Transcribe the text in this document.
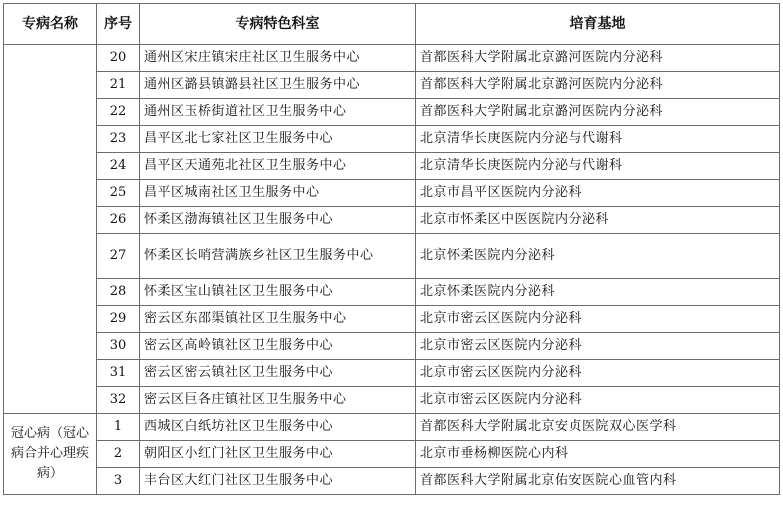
专病名称	序号	专病特色科室	培育基地
	20	通州区宋庄镇宋庄社区卫生服务中心	首都医科大学附属北京潞河医院内分泌科
	21	通州区潞县镇潞县社区卫生服务中心	首都医科大学附属北京潞河医院内分泌科
	22	通州区玉桥街道社区卫生服务中心	首都医科大学附属北京潞河医院内分泌科
	23	昌平区北七家社区卫生服务中心	北京清华长庚医院内分泌与代谢科
	24	昌平区天通苑北社区卫生服务中心	北京清华长庚医院内分泌与代谢科
	25	昌平区城南社区卫生服务中心	北京市昌平区医院内分泌科
	26	怀柔区渤海镇社区卫生服务中心	北京市怀柔区中医医院内分泌科
	27	怀柔区长哨营满族乡社区卫生服务中心	北京怀柔医院内分泌科
	28	怀柔区宝山镇社区卫生服务中心	北京怀柔医院内分泌科
	29	密云区东邵渠镇社区卫生服务中心	北京市密云区医院内分泌科
	30	密云区高岭镇社区卫生服务中心	北京市密云区医院内分泌科
	31	密云区密云镇社区卫生服务中心	北京市密云区医院内分泌科
	32	密云区巨各庄镇社区卫生服务中心	北京市密云区医院内分泌科
冠心病（冠心病合并心理疾病）	1	西城区白纸坊社区卫生服务中心	首都医科大学附属北京安贞医院双心医学科
	2	朝阳区小红门社区卫生服务中心	北京市垂杨柳医院心内科
	3	丰台区大红门社区卫生服务中心	首都医科大学附属北京佑安医院心血管内科
